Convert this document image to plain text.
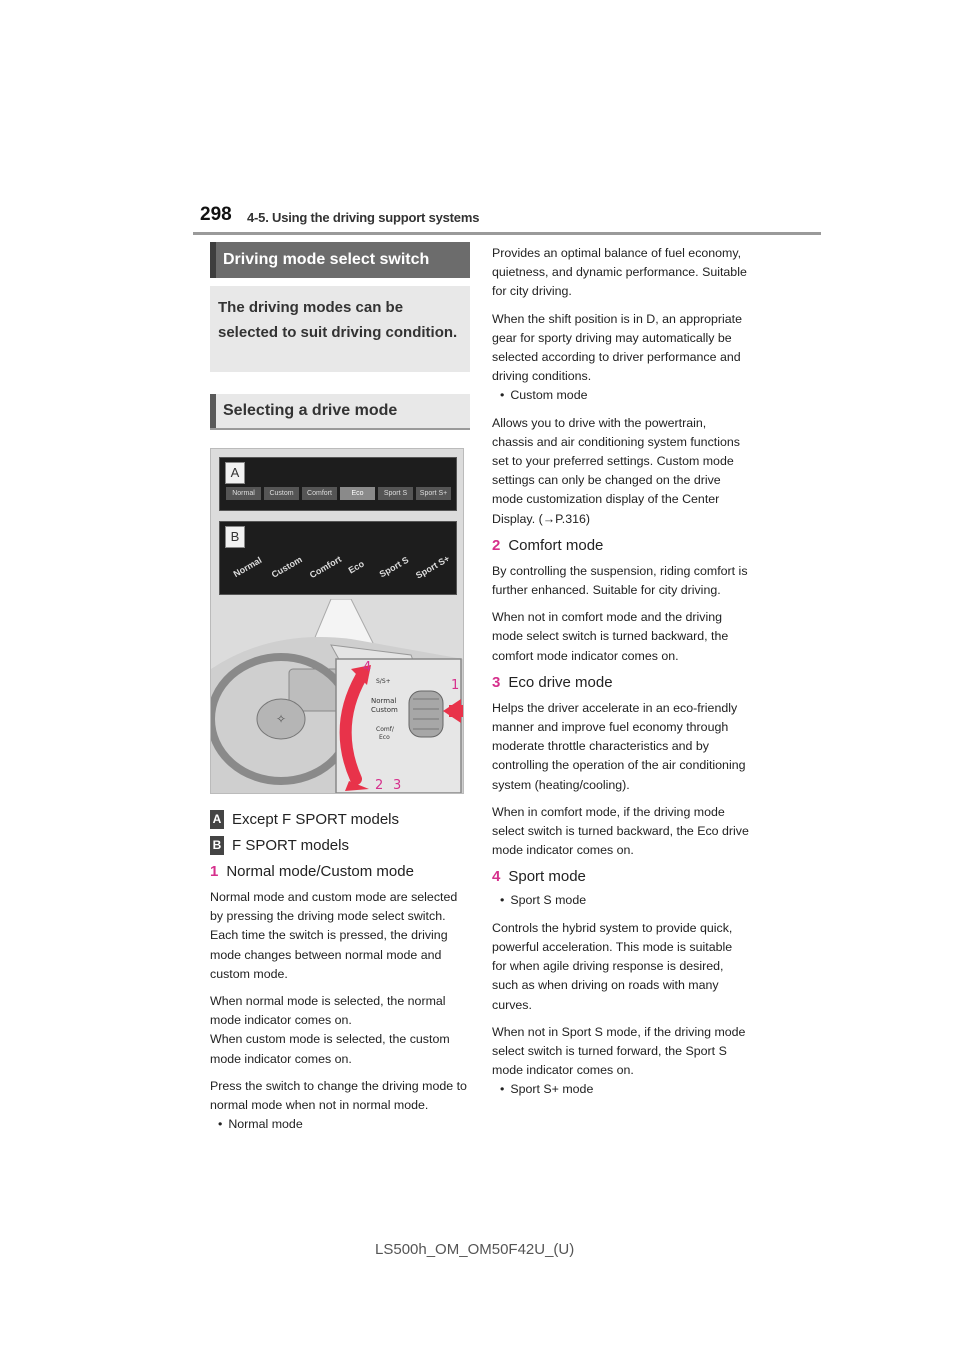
298 4-5. Using the driving support systems
Driving mode select switch
The driving modes can be selected to suit driving condition.
Selecting a drive mode
A
Normal	Custom	Comfort	Eco	Sport S	Sport S+
B
Normal Custom Comfort Eco Sport S Sport S+
✧
S/S+
Normal
Custom
Comf/
Eco
4
1
2 3
A Except F SPORT models
B F SPORT models
1 Normal mode/Custom mode

Normal mode and custom mode are selected by pressing the driving mode select switch. Each time the switch is pressed, the driving mode changes between normal mode and custom mode.

When normal mode is selected, the normal mode indicator comes on.

When custom mode is selected, the custom mode indicator comes on.

Press the switch to change the driving mode to normal mode when not in normal mode.

• Normal mode

Provides an optimal balance of fuel economy, quietness, and dynamic performance. Suitable for city driving.

When the shift position is in D, an appropriate gear for sporty driving may automatically be selected according to driver performance and driving conditions.

• Custom mode

Allows you to drive with the powertrain, chassis and air conditioning system functions set to your preferred settings. Custom mode settings can only be changed on the drive mode customization display of the Center Display. (→P.316)

2 Comfort mode

By controlling the suspension, riding comfort is further enhanced. Suitable for city driving.

When not in comfort mode and the driving mode select switch is turned backward, the comfort mode indicator comes on.

3 Eco drive mode

Helps the driver accelerate in an eco-friendly manner and improve fuel economy through moderate throttle characteristics and by controlling the operation of the air conditioning system (heating/cooling).

When in comfort mode, if the driving mode select switch is turned backward, the Eco drive mode indicator comes on.

4 Sport mode
• Sport S mode

Controls the hybrid system to provide quick, powerful acceleration. This mode is suitable for when agile driving response is desired, such as when driving on roads with many curves.

When not in Sport S mode, if the driving mode select switch is turned forward, the Sport S mode indicator comes on.

• Sport S+ mode
LS500h_OM_OM50F42U_(U)
